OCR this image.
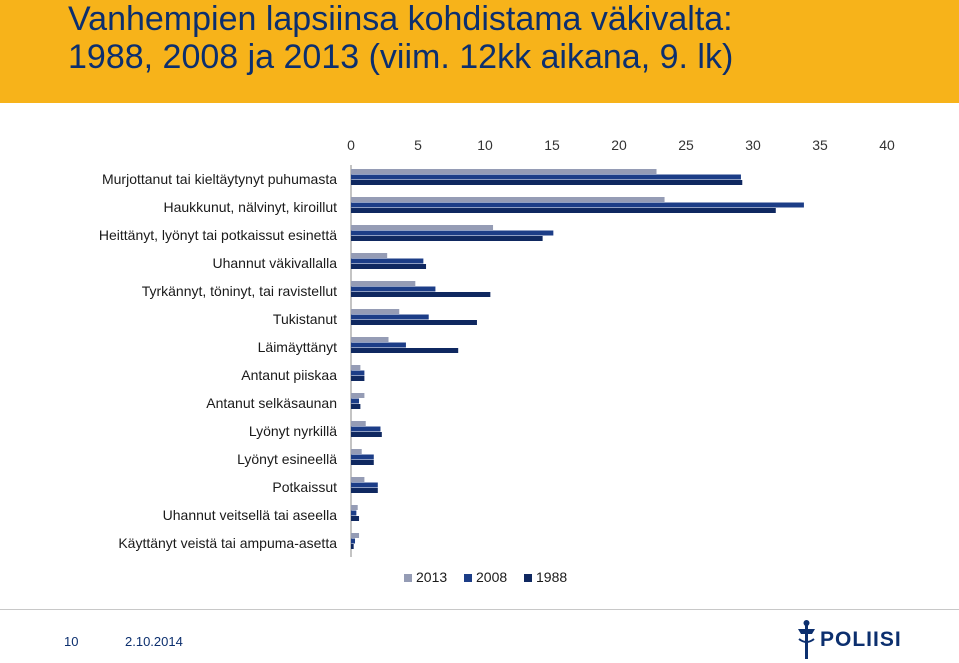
Vanhempien lapsiinsa kohdistama väkivalta:
1988, 2008 ja 2013 (viim. 12kk aikana, 9. lk)
0	5	10	15	20	25	30	35	40
Murjottanut tai kieltäytynyt puhumasta
Haukkunut, nälvinyt, kiroillut
Heittänyt, lyönyt tai potkaissut esinettä
Uhannut väkivallalla
Tyrkännyt, töninyt, tai ravistellut
Tukistanut
Läimäyttänyt
Antanut piiskaa
Antanut selkäsaunan
Lyönyt nyrkillä
Lyönyt esineellä
Potkaissut
Uhannut veitsellä tai aseella
Käyttänyt veistä tai ampuma-asetta
2013 2008 1988
10	2.10.2014	POLIISI
